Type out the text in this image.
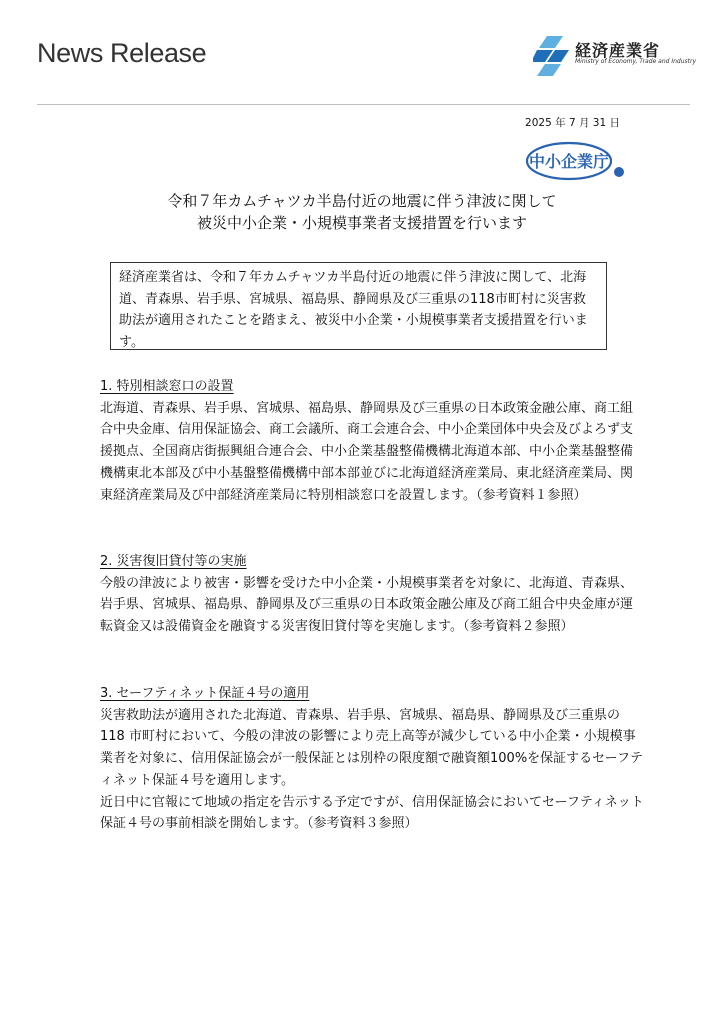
News Release	経済産業省
Ministry of Economy, Trade and Industry
2025 年 7 月 31 日
中小企業庁
令和７年カムチャツカ半島付近の地震に伴う津波に関して
被災中小企業・小規模事業者支援措置を行います
経済産業省は、令和７年カムチャツカ半島付近の地震に伴う津波に関して、北海道、青森県、岩手県、宮城県、福島県、静岡県及び三重県の118市町村に災害救助法が適用されたことを踏まえ、被災中小企業・小規模事業者支援措置を行います。
1. 特別相談窓口の設置

北海道、青森県、岩手県、宮城県、福島県、静岡県及び三重県の日本政策金融公庫、商工組合中央金庫、信用保証協会、商工会議所、商工会連合会、中小企業団体中央会及びよろず支援拠点、全国商店街振興組合連合会、中小企業基盤整備機構北海道本部、中小企業基盤整備機構東北本部及び中小基盤整備機構中部本部並びに北海道経済産業局、東北経済産業局、関東経済産業局及び中部経済産業局に特別相談窓口を設置します。（参考資料１参照）

2. 災害復旧貸付等の実施

今般の津波により被害・影響を受けた中小企業・小規模事業者を対象に、北海道、青森県、岩手県、宮城県、福島県、静岡県及び三重県の日本政策金融公庫及び商工組合中央金庫が運転資金又は設備資金を融資する災害復旧貸付等を実施します。（参考資料２参照）

3. セーフティネット保証４号の適用

災害救助法が適用された北海道、青森県、岩手県、宮城県、福島県、静岡県及び三重県の 118 市町村において、今般の津波の影響により売上高等が減少している中小企業・小規模事業者を対象に、信用保証協会が一般保証とは別枠の限度額で融資額100%を保証するセーフティネット保証４号を適用します。

近日中に官報にて地域の指定を告示する予定ですが、信用保証協会においてセーフティネット保証４号の事前相談を開始します。（参考資料３参照）
